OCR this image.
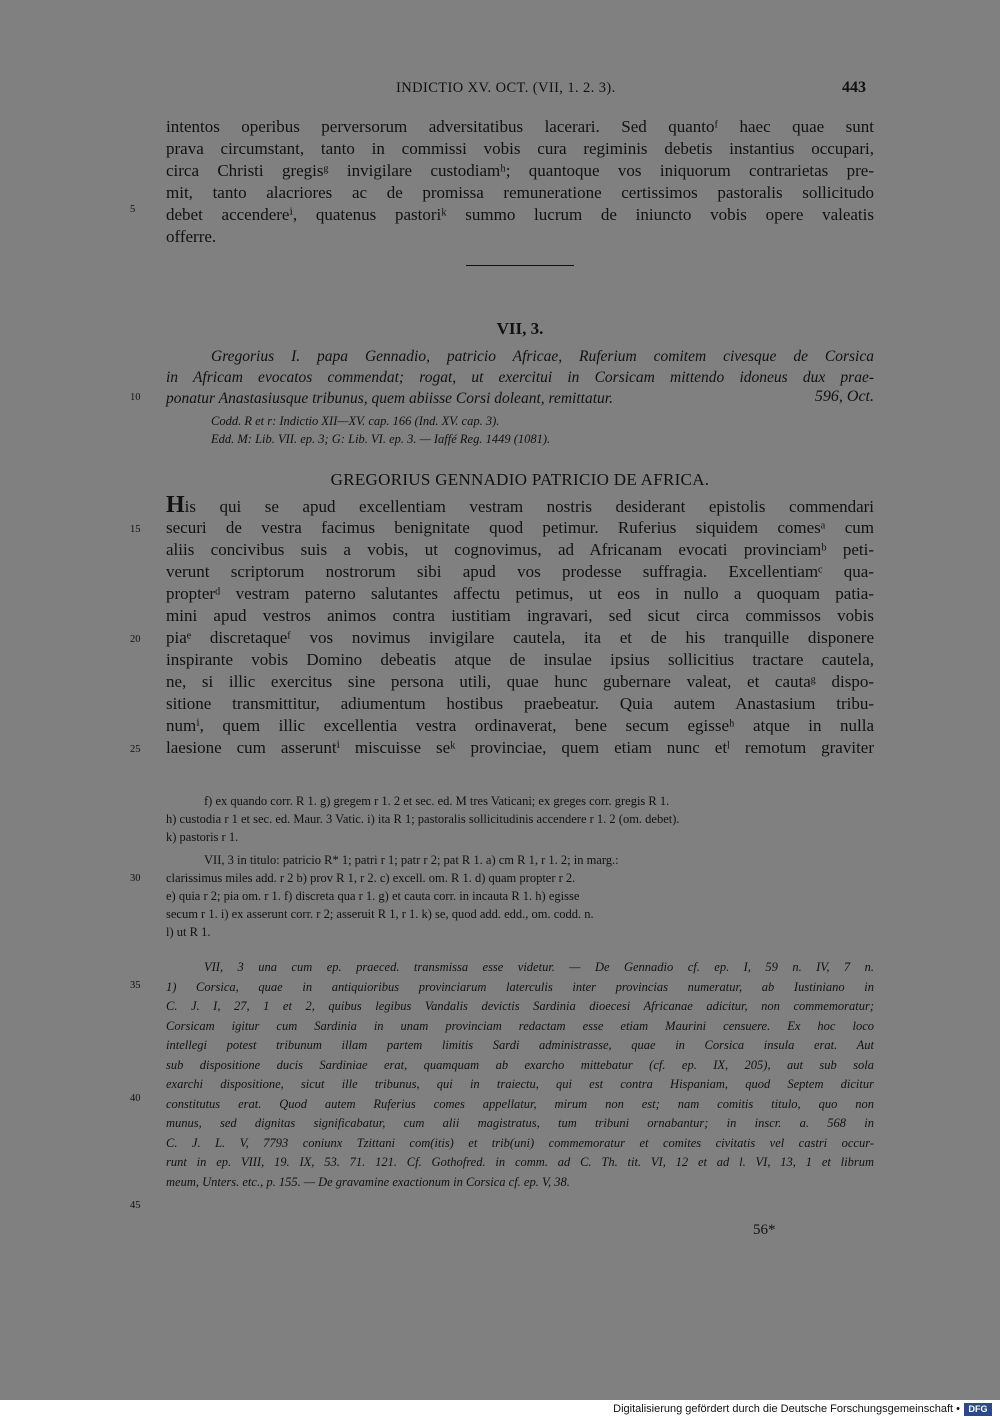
INDICTIO XV. OCT. (VII, 1. 2. 3).	443
intentos operibus perversorum adversitatibus lacerari. Sed quantoᶠ haec quae sunt
prava circumstant, tanto in commissi vobis cura regiminis debetis instantius occupari,
circa Christi gregisᵍ invigilare custodiamʰ; quantoque vos iniquorum contrarietas pre-
mit, tanto alacriores ac de promissa remuneratione certissimos pastoralis sollicitudo
debet accendereⁱ, quatenus pastoriᵏ summo lucrum de iniuncto vobis opere valeatis
offerre.
VII, 3.
Gregorius I. papa Gennadio, patricio Africae, Ruferium comitem civesque de Corsica
in Africam evocatos commendat; rogat, ut exercitui in Corsicam mittendo idoneus dux prae-
ponatur Anastasiusque tribunus, quem abiisse Corsi doleant, remittatur.	596, Oct.
Codd. R et r: Indictio XII—XV. cap. 166 (Ind. XV. cap. 3).
Edd. M: Lib. VII. ep. 3; G: Lib. VI. ep. 3. — Iaffé Reg. 1449 (1081).
GREGORIUS GENNADIO PATRICIO DE AFRICA.
His qui se apud excellentiam vestram nostris desiderant epistolis commendari
securi de vestra facimus benignitate quod petimur. Ruferius siquidem comesᵃ cum
aliis concivibus suis a vobis, ut cognovimus, ad Africanam evocati provinciamᵇ peti-
verunt scriptorum nostrorum sibi apud vos prodesse suffragia. Excellentiamᶜ qua-
propterᵈ vestram paterno salutantes affectu petimus, ut eos in nullo a quoquam patia-
mini apud vestros animos contra iustitiam ingravari, sed sicut circa commissos vobis
piaᵉ discretaqueᶠ vos novimus invigilare cautela, ita et de his tranquille disponere
inspirante vobis Domino debeatis atque de insulae ipsius sollicitius tractare cautela,
ne, si illic exercitus sine persona utili, quae hunc gubernare valeat, et cautaᵍ dispo-
sitione transmittitur, adiumentum hostibus praebeatur. Quia autem Anastasium tribu-
numⁱ, quem illic excellentia vestra ordinaverat, bene secum egisseʰ atque in nulla
laesione cum asseruntⁱ miscuisse seᵏ provinciae, quem etiam nunc etˡ remotum graviter
f) ex quando corr. R 1. g) gregem r 1. 2 et sec. ed. M tres Vaticani; ex greges corr. gregis R 1.
h) custodia r 1 et sec. ed. Maur. 3 Vatic. i) ita R 1; pastoralis sollicitudinis accendere r 1. 2 (om. debet).
k) pastoris r 1.
VII, 3 in titulo: patricio R* 1; patri r 1; patr r 2; pat R 1. a) cm R 1, r 1. 2; in marg.:
clarissimus miles add. r 2 b) prov R 1, r 2. c) excell. om. R 1. d) quam propter r 2.
e) quia r 2; pia om. r 1. f) discreta qua r 1. g) et cauta corr. in incauta R 1. h) egisse
secum r 1. i) ex asserunt corr. r 2; asseruit R 1, r 1. k) se, quod add. edd., om. codd. n.
l) ut R 1.
VII, 3 una cum ep. praeced. transmissa esse videtur. — De Gennadio cf. ep. I, 59 n. IV, 7 n.
1) Corsica, quae in antiquioribus provinciarum laterculis inter provincias numeratur, ab Iustiniano in
C. J. I, 27, 1 et 2, quibus legibus Vandalis devictis Sardinia dioecesi Africanae adicitur, non commemoratur;
Corsicam igitur cum Sardinia in unam provinciam redactam esse etiam Maurini censuere. Ex hoc loco
intellegi potest tribunum illam partem limitis Sardi administrasse, quae in Corsica insula erat. Aut
sub dispositione ducis Sardiniae erat, quamquam ab exarcho mittebatur (cf. ep. IX, 205), aut sub sola
exarchi dispositione, sicut ille tribunus, qui in traiectu, qui est contra Hispaniam, quod Septem dicitur
constitutus erat. Quod autem Ruferius comes appellatur, mirum non est; nam comitis titulo, quo non
munus, sed dignitas significabatur, cum alii magistratus, tum tribuni ornabantur; in inscr. a. 568 in
C. J. L. V, 7793 coniunx Tzittani com(itis) et trib(uni) commemoratur et comites civitatis vel castri occur-
runt in ep. VIII, 19. IX, 53. 71. 121. Cf. Gothofred. in comm. ad C. Th. tit. VI, 12 et ad l. VI, 13, 1 et librum
meum, Unters. etc., p. 155. — De gravamine exactionum in Corsica cf. ep. V, 38.
5
10
15
20
25
30
35
40
45
56*
Digitalisierung gefördert durch die Deutsche Forschungsgemeinschaft • DFG
